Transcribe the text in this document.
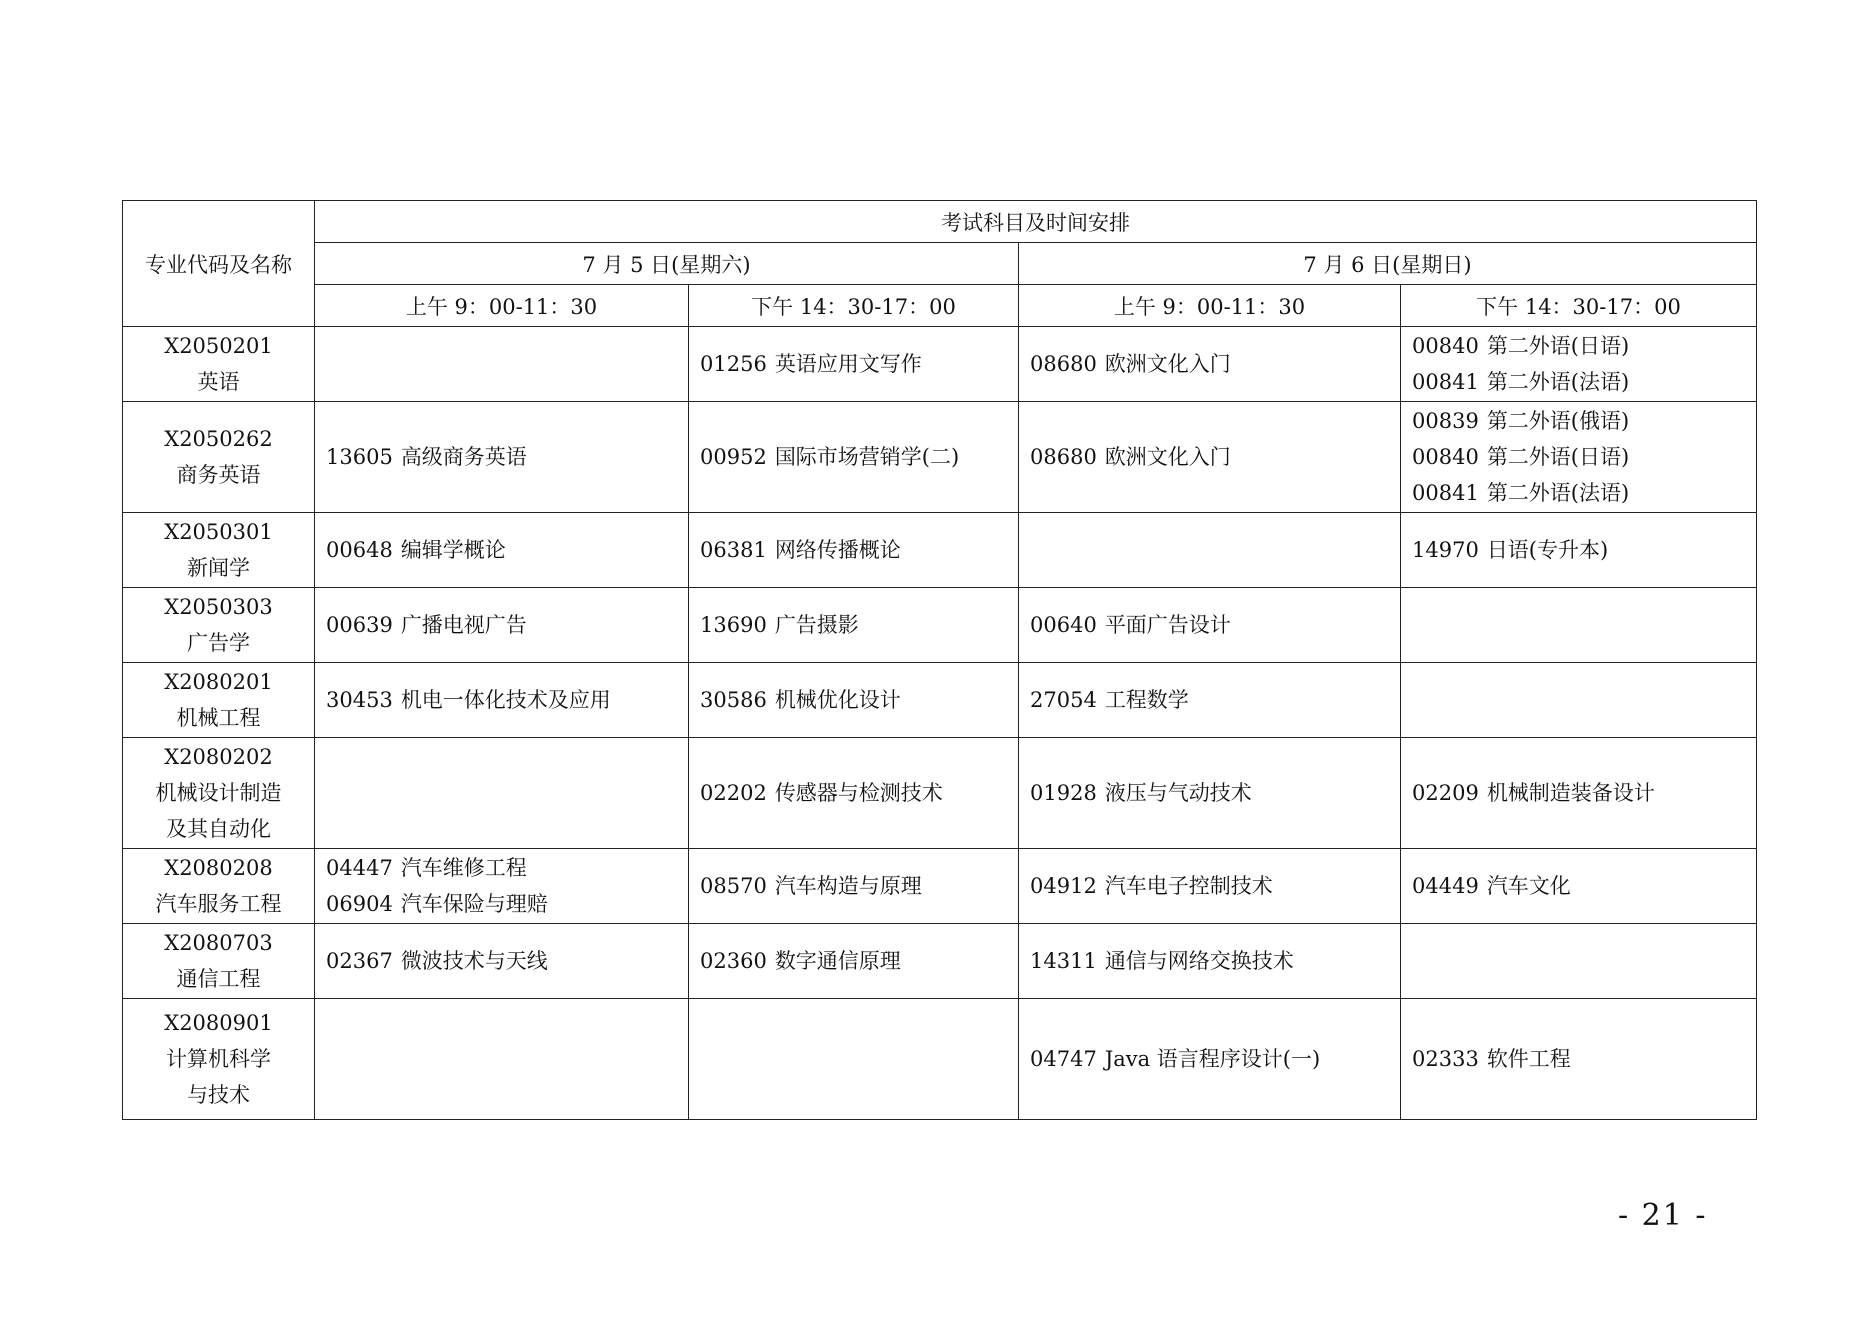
专业代码及名称	考试科目及时间安排			
	7 月 5 日(星期六)		7 月 6 日(星期日)	
	上午 9：00-11：30	下午 14：30-17：00	上午 9：00-11：30	下午 14：30-17：00

X2050201
英语		01256 英语应用文写作	08680 欧洲文化入门	00840 第二外语(日语)
00841 第二外语(法语)

X2050262
商务英语	13605 高级商务英语	00952 国际市场营销学(二)	08680 欧洲文化入门	00839 第二外语(俄语)
00840 第二外语(日语)
00841 第二外语(法语)

X2050301
新闻学	00648 编辑学概论	06381 网络传播概论		14970 日语(专升本)

X2050303
广告学	00639 广播电视广告	13690 广告摄影	00640 平面广告设计	

X2080201
机械工程	30453 机电一体化技术及应用	30586 机械优化设计	27054 工程数学	

X2080202
机械设计制造
及其自动化		02202 传感器与检测技术	01928 液压与气动技术	02209 机械制造装备设计

X2080208
汽车服务工程	04447 汽车维修工程
06904 汽车保险与理赔	08570 汽车构造与原理	04912 汽车电子控制技术	04449 汽车文化

X2080703
通信工程	02367 微波技术与天线	02360 数字通信原理	14311 通信与网络交换技术	

X2080901
计算机科学
与技术			04747 Java 语言程序设计(一)	02333 软件工程
- 21 -
